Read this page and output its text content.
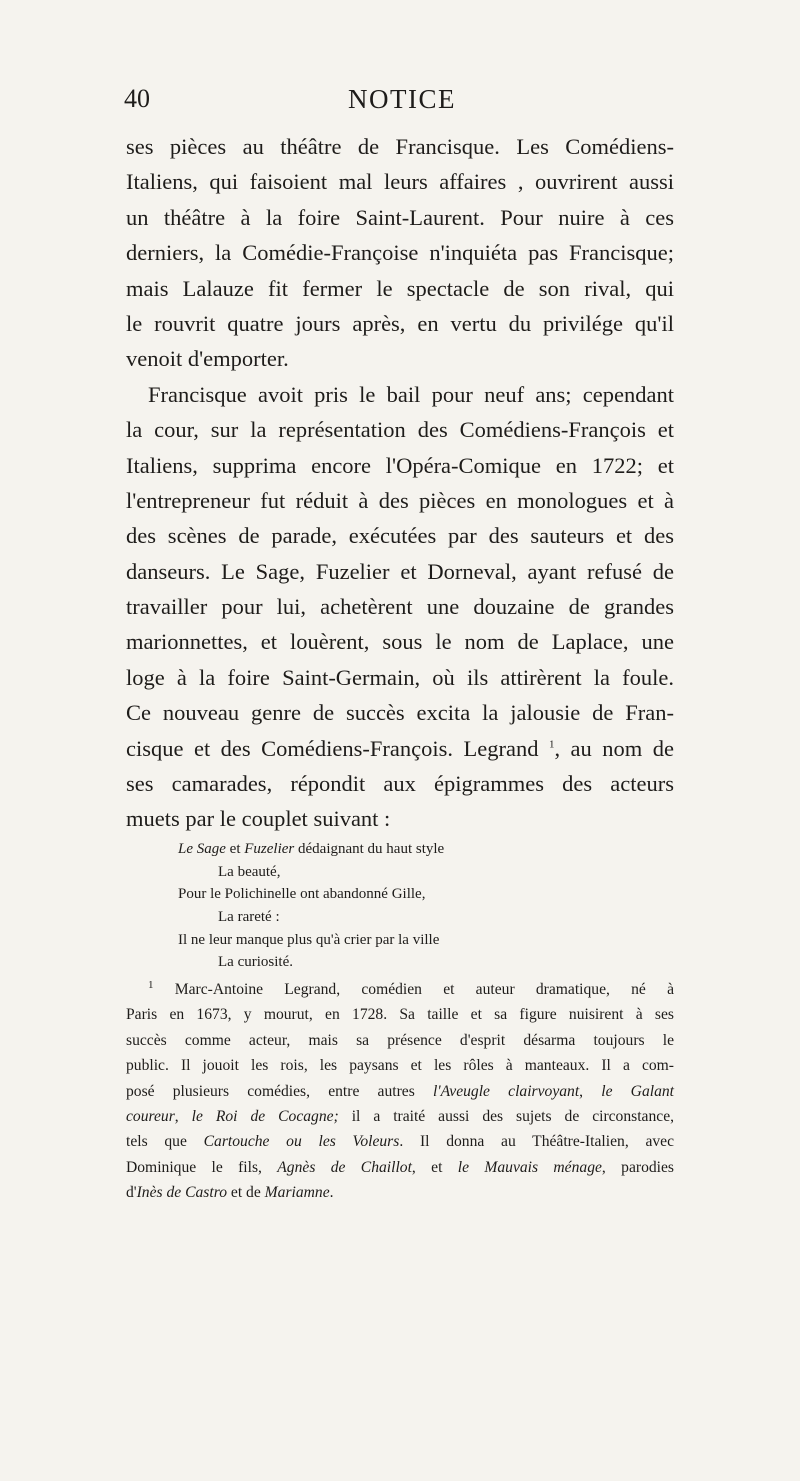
40	NOTICE
ses pièces au théâtre de Francisque. Les Comédiens-
Italiens, qui faisoient mal leurs affaires , ouvrirent aussi
un théâtre à la foire Saint-Laurent. Pour nuire à ces
derniers, la Comédie-Françoise n'inquiéta pas Francisque;
mais Lalauze fit fermer le spectacle de son rival, qui
le rouvrit quatre jours après, en vertu du privilége qu'il
venoit d'emporter.
Francisque avoit pris le bail pour neuf ans; cependant
la cour, sur la représentation des Comédiens-François et
Italiens, supprima encore l'Opéra-Comique en 1722; et
l'entrepreneur fut réduit à des pièces en monologues et à
des scènes de parade, exécutées par des sauteurs et des
danseurs. Le Sage, Fuzelier et Dorneval, ayant refusé de
travailler pour lui, achetèrent une douzaine de grandes
marionnettes, et louèrent, sous le nom de Laplace, une
loge à la foire Saint-Germain, où ils attirèrent la foule.
Ce nouveau genre de succès excita la jalousie de Fran-
cisque et des Comédiens-François. Legrand $^1$, au nom de
ses camarades, répondit aux épigrammes des acteurs
muets par le couplet suivant :
Le Sage et Fuzelier dédaignant du haut style
La beauté,
Pour le Polichinelle ont abandonné Gille,
La rareté :
Il ne leur manque plus qu'à crier par la ville
La curiosité.
$^1$ Marc-Antoine Legrand, comédien et auteur dramatique, né à
Paris en 1673, y mourut, en 1728. Sa taille et sa figure nuisirent à ses
succès comme acteur, mais sa présence d'esprit désarma toujours le
public. Il jouoit les rois, les paysans et les rôles à manteaux. Il a com-
posé plusieurs comédies, entre autres l'Aveugle clairvoyant, le Galant
coureur, le Roi de Cocagne; il a traité aussi des sujets de circonstance,
tels que Cartouche ou les Voleurs. Il donna au Théâtre-Italien, avec
Dominique le fils, Agnès de Chaillot, et le Mauvais ménage, parodies
d'Inès de Castro et de Mariamne.
